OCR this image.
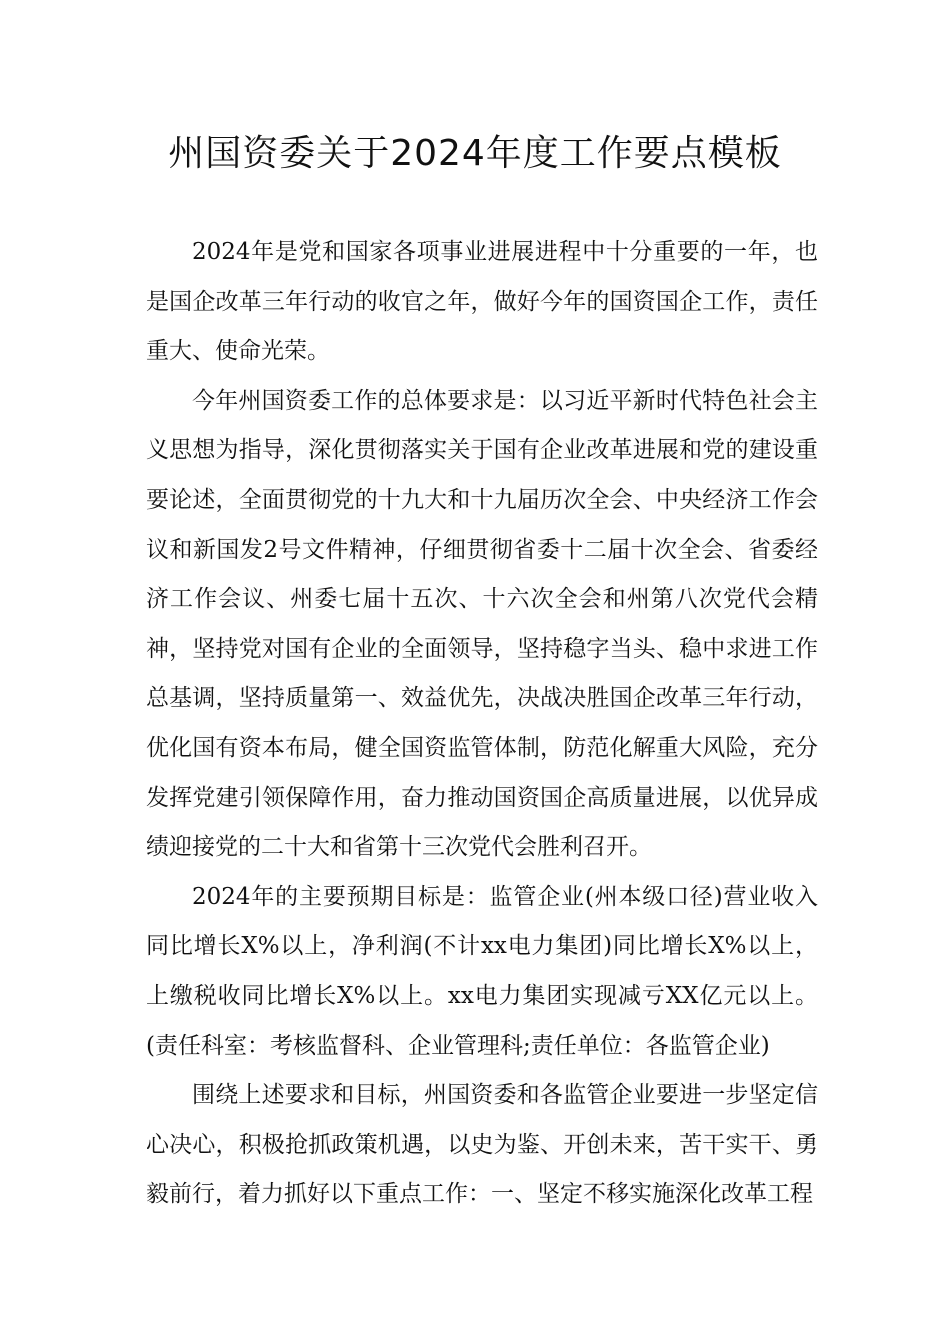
州国资委关于2024年度工作要点模板

2024年是党和国家各项事业进展进程中十分重要的一年，也是国企改革三年行动的收官之年，做好今年的国资国企工作，责任重大、使命光荣。

今年州国资委工作的总体要求是：以习近平新时代特色社会主义思想为指导，深化贯彻落实关于国有企业改革进展和党的建设重要论述，全面贯彻党的十九大和十九届历次全会、中央经济工作会议和新国发2号文件精神，仔细贯彻省委十二届十次全会、省委经济工作会议、州委七届十五次、十六次全会和州第八次党代会精神，坚持党对国有企业的全面领导，坚持稳字当头、稳中求进工作总基调，坚持质量第一、效益优先，决战决胜国企改革三年行动，优化国有资本布局，健全国资监管体制，防范化解重大风险，充分发挥党建引领保障作用，奋力推动国资国企高质量进展，以优异成绩迎接党的二十大和省第十三次党代会胜利召开。

2024年的主要预期目标是：监管企业(州本级口径)营业收入同比增长X%以上，净利润(不计xx电力集团)同比增长X%以上，上缴税收同比增长X%以上。xx电力集团实现减亏XX亿元以上。(责任科室：考核监督科、企业管理科;责任单位：各监管企业)

围绕上述要求和目标，州国资委和各监管企业要进一步坚定信心决心，积极抢抓政策机遇，以史为鉴、开创未来，苦干实干、勇毅前行，着力抓好以下重点工作：一、坚定不移实施深化改革工程
